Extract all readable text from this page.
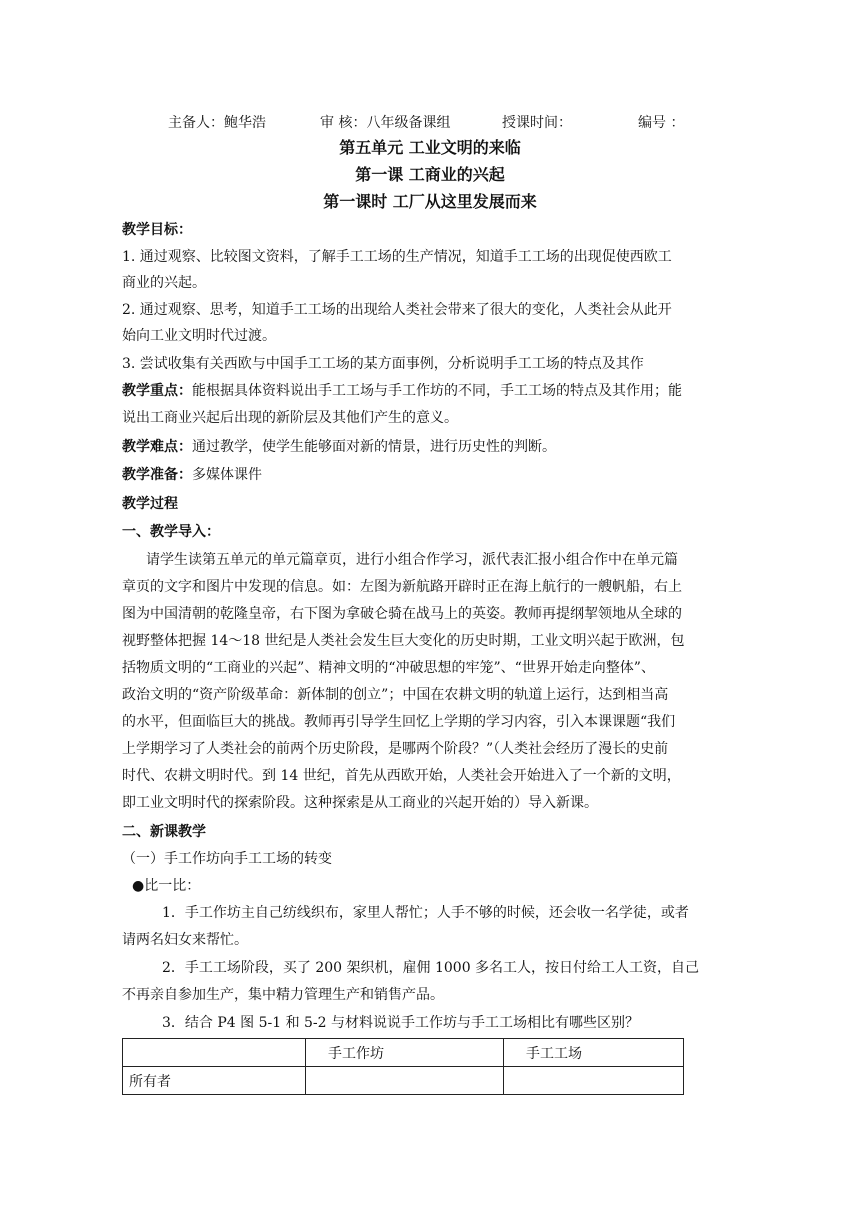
主备人：鲍华浩	审 核：八年级备课组	授课时间：	编号 ：
第五单元 工业文明的来临
第一课 工商业的兴起
第一课时 工厂从这里发展而来
教学目标：
1. 通过观察、比较图文资料，了解手工工场的生产情况，知道手工工场的出现促使西欧工
商业的兴起。
2. 通过观察、思考，知道手工工场的出现给人类社会带来了很大的变化，人类社会从此开
始向工业文明时代过渡。
3. 尝试收集有关西欧与中国手工工场的某方面事例，分析说明手工工场的特点及其作
教学重点：能根据具体资料说出手工工场与手工作坊的不同，手工工场的特点及其作用；能
说出工商业兴起后出现的新阶层及其他们产生的意义。
教学难点：通过教学，使学生能够面对新的情景，进行历史性的判断。
教学准备：多媒体课件
教学过程
一、教学导入：
请学生读第五单元的单元篇章页，进行小组合作学习，派代表汇报小组合作中在单元篇
章页的文字和图片中发现的信息。如：左图为新航路开辟时正在海上航行的一艘帆船，右上
图为中国清朝的乾隆皇帝，右下图为拿破仑骑在战马上的英姿。教师再提纲挈领地从全球的
视野整体把握 14～18 世纪是人类社会发生巨大变化的历史时期，工业文明兴起于欧洲，包
括物质文明的“工商业的兴起”、精神文明的“冲破思想的牢笼”、“世界开始走向整体”、
政治文明的“资产阶级革命：新体制的创立”；中国在农耕文明的轨道上运行，达到相当高
的水平，但面临巨大的挑战。教师再引导学生回忆上学期的学习内容，引入本课课题“我们
上学期学习了人类社会的前两个历史阶段，是哪两个阶段？”（人类社会经历了漫长的史前
时代、农耕文明时代。到 14 世纪，首先从西欧开始，人类社会开始进入了一个新的文明，
即工业文明时代的探索阶段。这种探索是从工商业的兴起开始的）导入新课。
二、新课教学
（一）手工作坊向手工工场的转变
●比一比：
1．手工作坊主自己纺线织布，家里人帮忙；人手不够的时候，还会收一名学徒，或者
请两名妇女来帮忙。
2．手工工场阶段，买了 200 架织机，雇佣 1000 多名工人，按日付给工人工资，自己
不再亲自参加生产，集中精力管理生产和销售产品。
3．结合 P4 图 5-1 和 5-2 与材料说说手工作坊与手工工场相比有哪些区别？
	手工作坊	手工工场
所有者		
